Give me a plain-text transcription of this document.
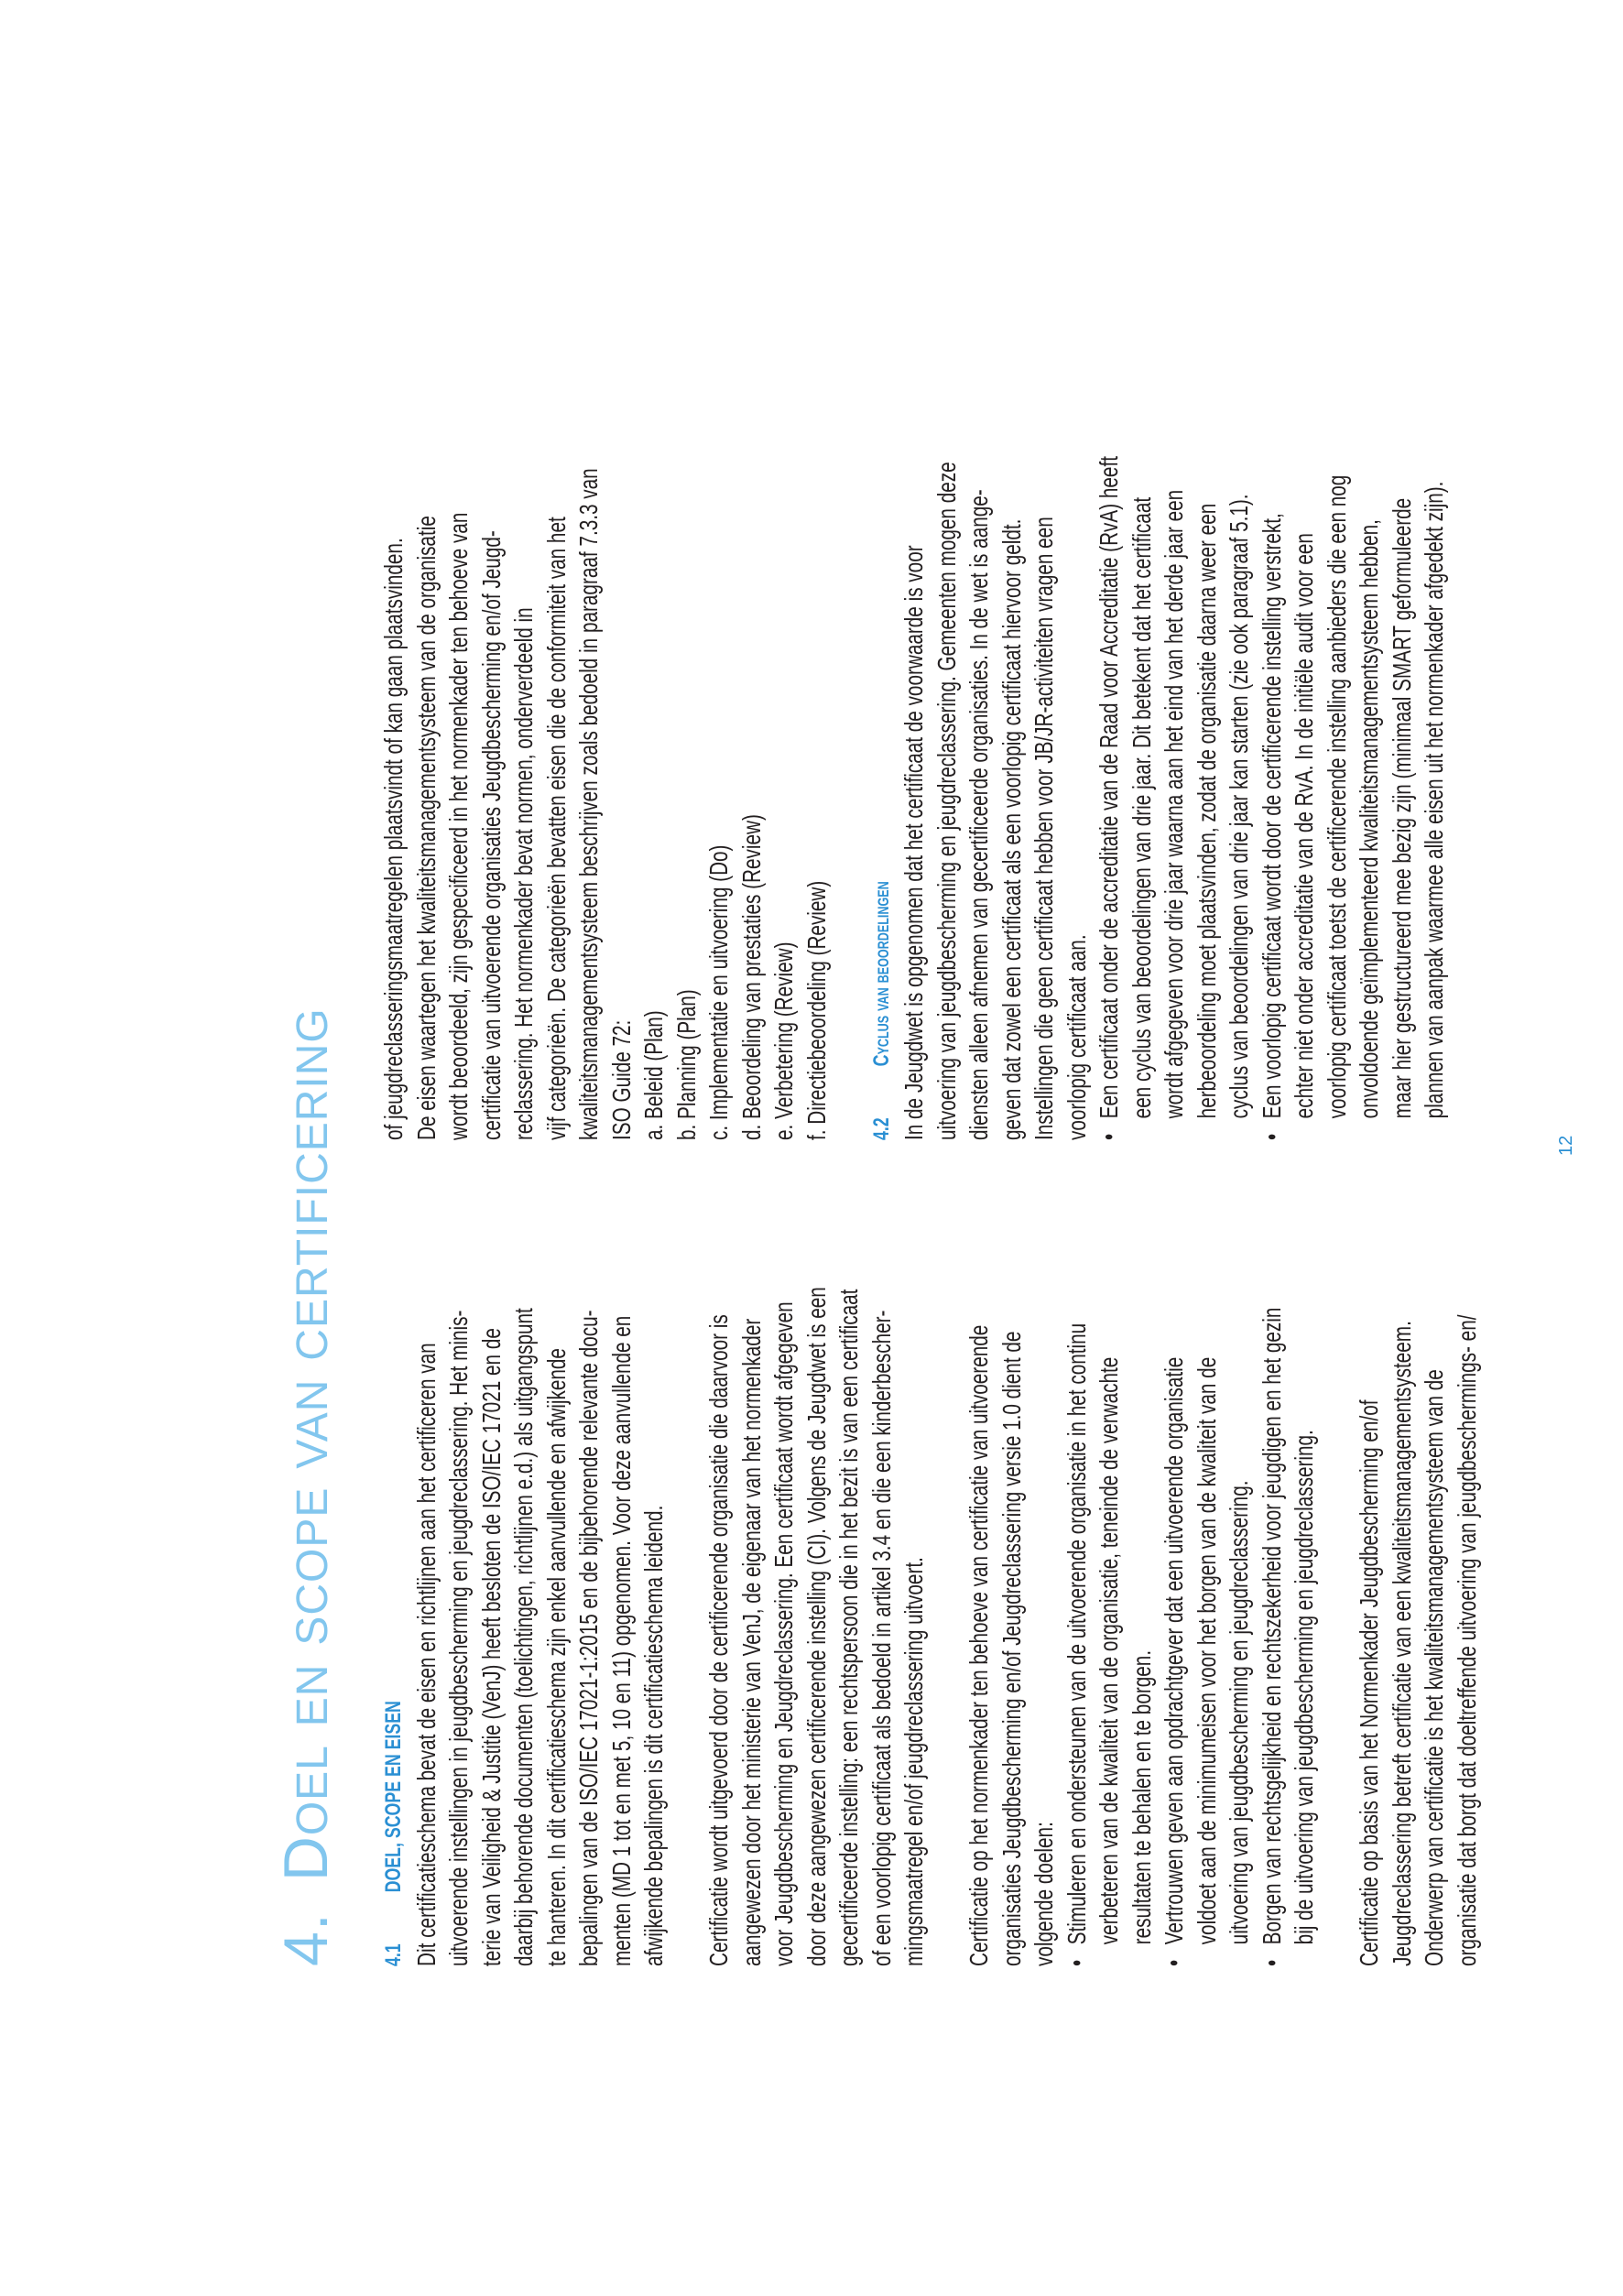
4.Doel en scope van certificering
4.1DOEL, SCOPE EN EISEN Dit certificatieschema bevat de eisen en richtlijnen aan het certificeren van uitvoerende instellingen in jeugdbescherming en jeugdreclassering. Het minis- terie van Veiligheid & Justitie (VenJ) heeft besloten de ISO/IEC 17021 en de daarbij behorende documenten (toelichtingen, richtlijnen e.d.) als uitgangspunt te hanteren. In dit certificatieschema zijn enkel aanvullende en afwijkende bepalingen van de ISO/IEC 17021-1:2015 en de bijbehorende relevante docu- menten (MD 1 tot en met 5, 10 en 11) opgenomen. Voor deze aanvullende en afwijkende bepalingen is dit certificatieschema leidend. Certificatie wordt uitgevoerd door de certificerende organisatie die daarvoor is aangewezen door het ministerie van VenJ, de eigenaar van het normenkader voor Jeugdbescherming en Jeugdreclassering. Een certificaat wordt afgegeven door deze aangewezen certificerende instelling (CI). Volgens de Jeugdwet is een gecertificeerde instelling: een rechtspersoon die in het bezit is van een certificaat of een voorlopig certificaat als bedoeld in artikel 3.4 en die een kinderbescher- mingsmaatregel en/of jeugdreclassering uitvoert. Certificatie op het normenkader ten behoeve van certificatie van uitvoerende organisaties Jeugdbescherming en/of Jeugdreclassering versie 1.0 dient de volgende doelen: •
Stimuleren en ondersteunen van de uitvoerende organisatie in het continu verbeteren van de kwaliteit van de organisatie, teneinde de verwachte resultaten te behalen en te borgen.
•
Vertrouwen geven aan opdrachtgever dat een uitvoerende organisatie voldoet aan de minimumeisen voor het borgen van de kwaliteit van de uitvoering van jeugdbescherming en jeugdreclassering.
•
Borgen van rechtsgelijkheid en rechtszekerheid voor jeugdigen en het gezin bij de uitvoering van jeugdbescherming en jeugdreclassering. Certificatie op basis van het Normenkader Jeugdbescherming en/of Jeugdreclassering betreft certificatie van een kwaliteitsmanagementsysteem. Onderwerp van certificatie is het kwaliteitsmanagementsysteem van de organisatie dat borgt dat doeltreffende uitvoering van jeugdbeschermings- en/
of jeugdreclasseringsmaatregelen plaatsvindt of kan gaan plaatsvinden. De eisen waartegen het kwaliteitsmanagementsysteem van de organisatie wordt beoordeeld, zijn gespecificeerd in het normenkader ten behoeve van certificatie van uitvoerende organisaties Jeugdbescherming en/of Jeugd- reclassering. Het normenkader bevat normen, onderverdeeld in vijf categorieën. De categorieën bevatten eisen die de conformiteit van het kwaliteitsmanagementsysteem beschrijven zoals bedoeld in paragraaf 7.3.3 van ISO Guide 72: a. Beleid (Plan) b. Planning (Plan) c. Implementatie en uitvoering (Do) d. Beoordeling van prestaties (Review) e. Verbetering (Review) f. Directiebeoordeling (Review) 4.2Cyclus van beoordelingen In de Jeugdwet is opgenomen dat het certificaat de voorwaarde is voor uitvoering van jeugdbescherming en jeugdreclassering. Gemeenten mogen deze diensten alleen afnemen van gecertificeerde organisaties. In de wet is aange- geven dat zowel een certificaat als een voorlopig certificaat hiervoor geldt. Instellingen die geen certificaat hebben voor JB/JR-activiteiten vragen een voorlopig certificaat aan. •
Een certificaat onder de accreditatie van de Raad voor Accreditatie (RvA) heeft een cyclus van beoordelingen van drie jaar. Dit betekent dat het certificaat wordt afgegeven voor drie jaar waarna aan het eind van het derde jaar een herbeoordeling moet plaatsvinden, zodat de organisatie daarna weer een cyclus van beoordelingen van drie jaar kan starten (zie ook paragraaf 5.1).
•
Een voorlopig certificaat wordt door de certificerende instelling verstrekt, echter niet onder accreditatie van de RvA. In de initiële audit voor een voorlopig certificaat toetst de certificerende instelling aanbieders die een nog onvoldoende geïmplementeerd kwaliteitsmanagementsysteem hebben, maar hier gestructureerd mee bezig zijn (minimaal SMART geformuleerde plannen van aanpak waarmee alle eisen uit het normenkader afgedekt zijn).
12
